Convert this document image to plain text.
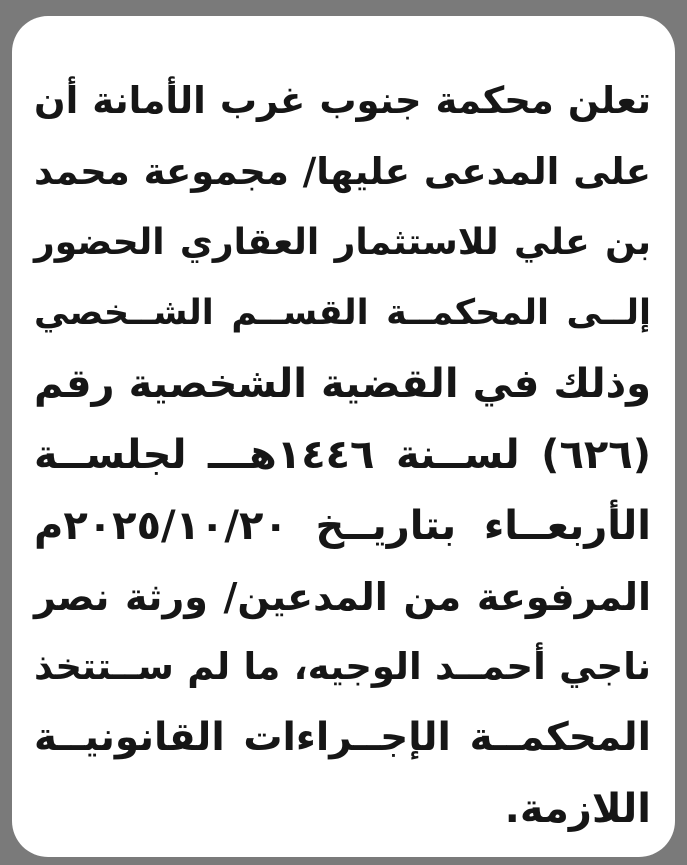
تعلن محكمة جنوب غرب الأمانة أن
على المدعى عليها/ مجموعة محمد
بن علي للاستثمار العقاري الحضور
إلــى المحكمــة القســم الشــخصي
وذلك في القضية الشخصية رقم
(٦٢٦) لســنة ١٤٤٦هـــ لجلســة
الأربعــاء بتاريــخ ٢٠٢٥/١٠/٢٠م
المرفوعة من المدعين/ ورثة نصر
ناجي أحمــد الوجيه، ما لم ســتتخذ
المحكمــة الإجــراءات القانونيــة
اللازمة.
